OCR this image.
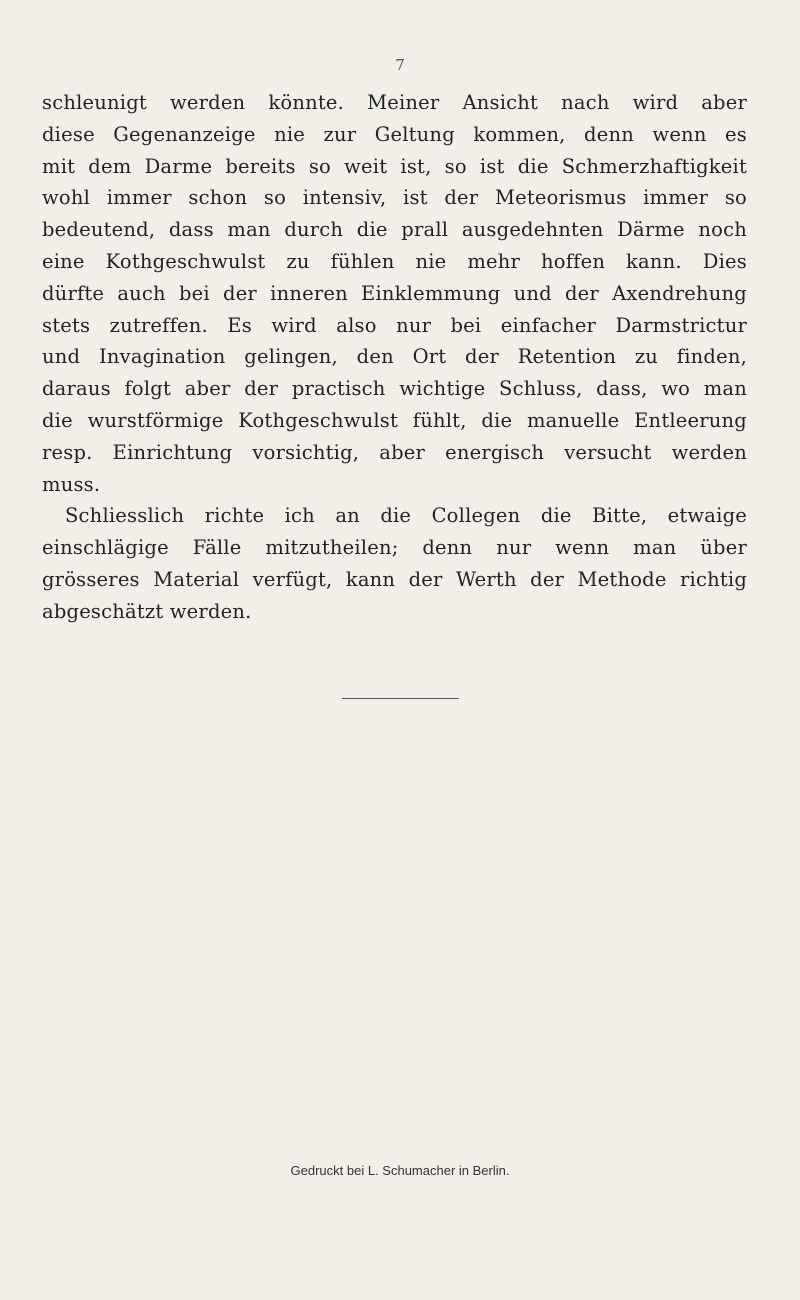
7
schleunigt werden könnte. Meiner Ansicht nach wird aber
diese Gegenanzeige nie zur Geltung kommen, denn wenn es
mit dem Darme bereits so weit ist, so ist die Schmerzhaftigkeit
wohl immer schon so intensiv, ist der Meteorismus immer so
bedeutend, dass man durch die prall ausgedehnten Därme noch
eine Kothgeschwulst zu fühlen nie mehr hoffen kann. Dies
dürfte auch bei der inneren Einklemmung und der Axendrehung
stets zutreffen. Es wird also nur bei einfacher Darmstrictur
und Invagination gelingen, den Ort der Retention zu finden,
daraus folgt aber der practisch wichtige Schluss, dass, wo man
die wurstförmige Kothgeschwulst fühlt, die manuelle Entleerung
resp. Einrichtung vorsichtig, aber energisch versucht werden
muss.
Schliesslich richte ich an die Collegen die Bitte, etwaige
einschlägige Fälle mitzutheilen; denn nur wenn man über
grösseres Material verfügt, kann der Werth der Methode richtig
abgeschätzt werden.
Gedruckt bei L. Schumacher in Berlin.
